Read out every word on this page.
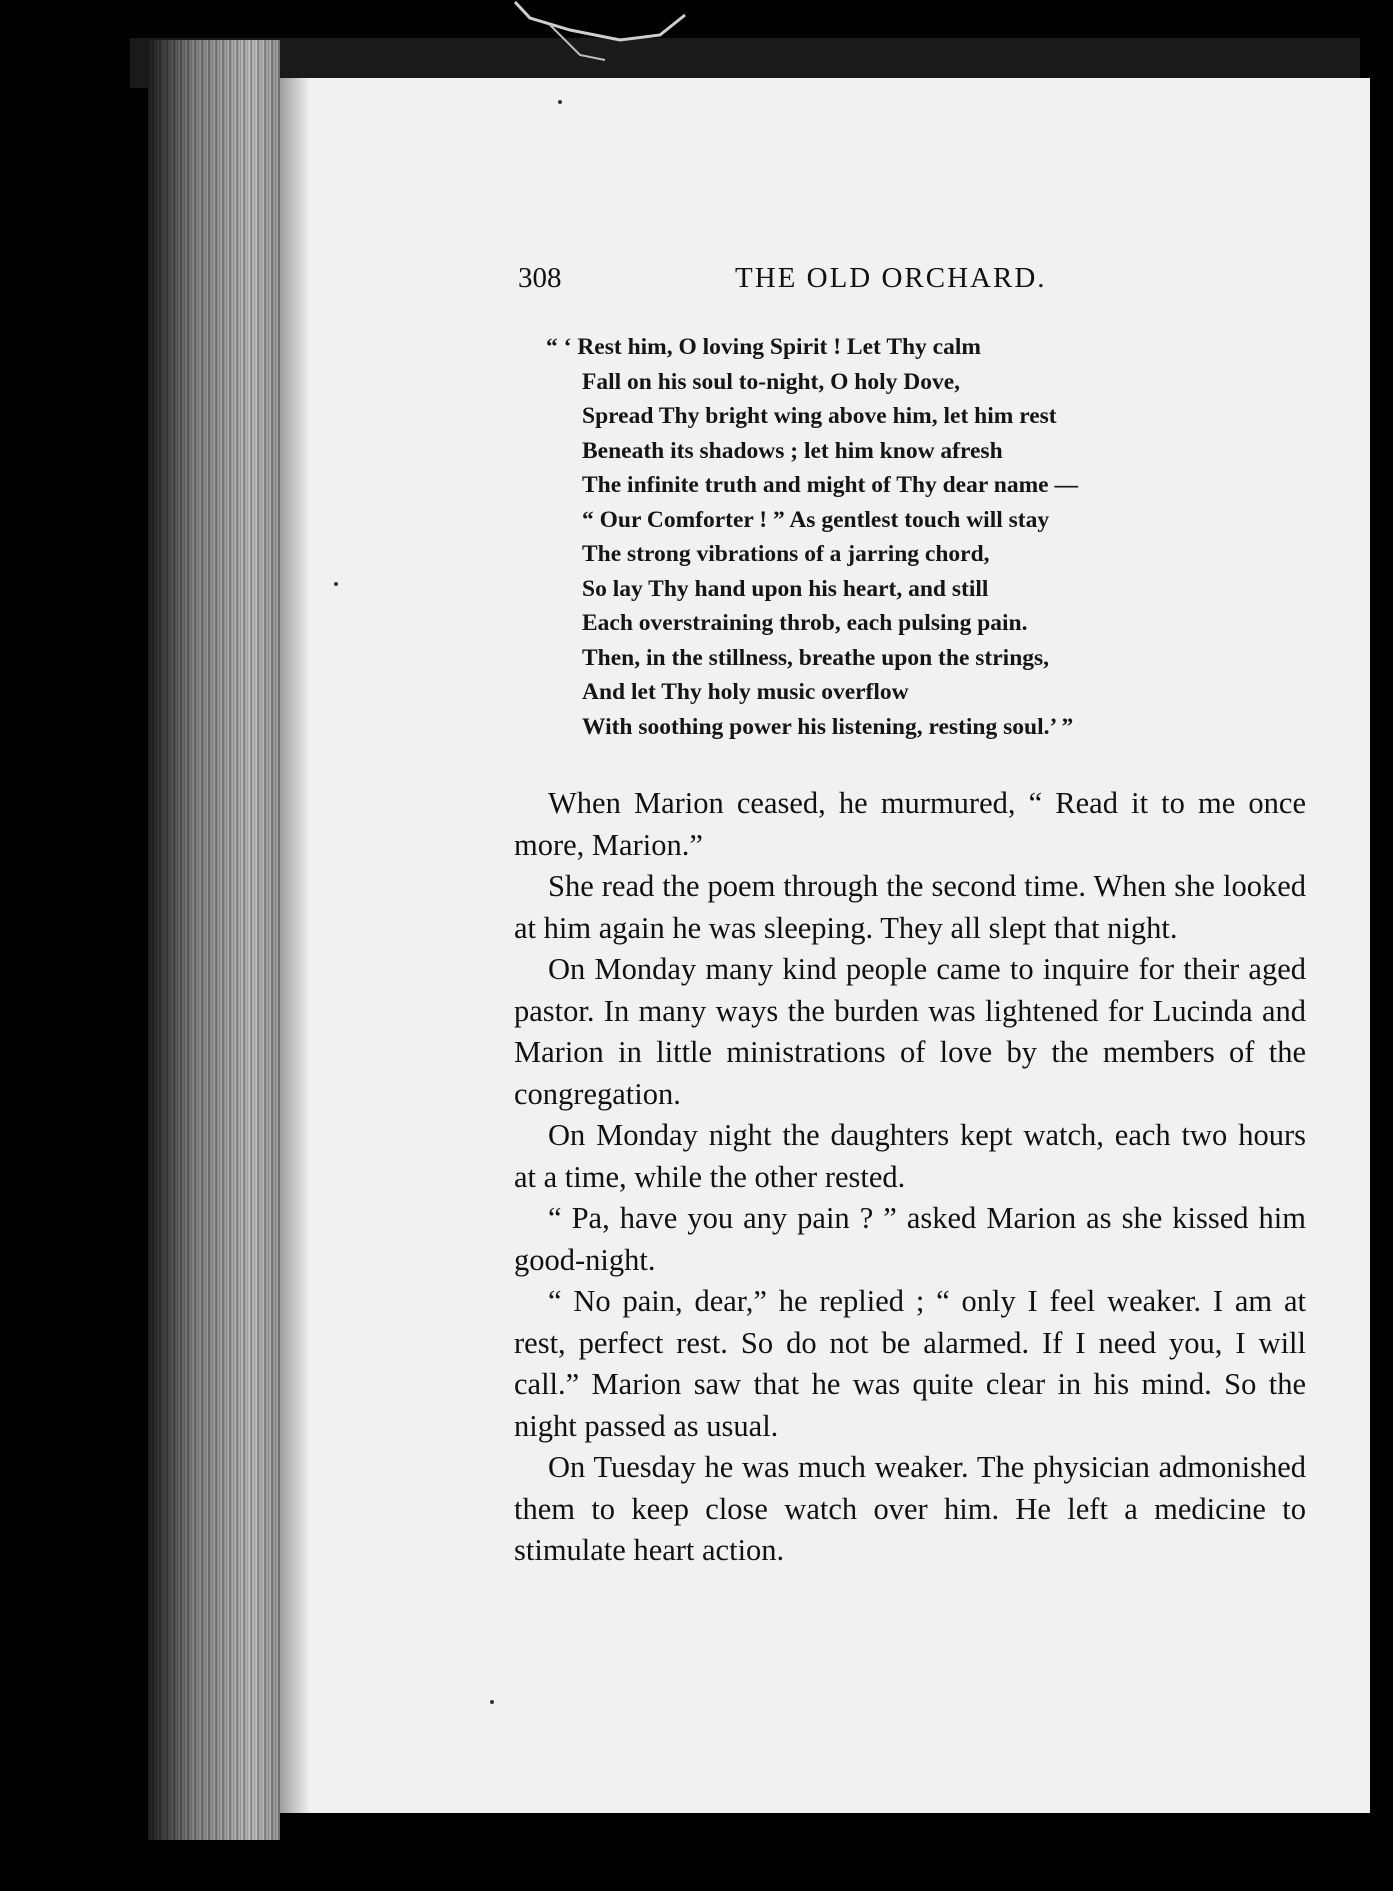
308	THE OLD ORCHARD.
“ ‘ Rest him, O loving Spirit ! Let Thy calm
Fall on his soul to-night, O holy Dove,
Spread Thy bright wing above him, let him rest
Beneath its shadows ; let him know afresh
The infinite truth and might of Thy dear name —
“ Our Comforter ! ” As gentlest touch will stay
The strong vibrations of a jarring chord,
So lay Thy hand upon his heart, and still
Each overstraining throb, each pulsing pain.
Then, in the stillness, breathe upon the strings,
And let Thy holy music overflow
With soothing power his listening, resting soul.’ ”

When Marion ceased, he murmured, “ Read it to me once more, Marion.”

She read the poem through the second time. When she looked at him again he was sleeping. They all slept that night.

On Monday many kind people came to inquire for their aged pastor. In many ways the burden was lightened for Lucinda and Marion in little ministrations of love by the members of the congregation.

On Monday night the daughters kept watch, each two hours at a time, while the other rested.

“ Pa, have you any pain ? ” asked Marion as she kissed him good-night.

“ No pain, dear,” he replied ; “ only I feel weaker. I am at rest, perfect rest. So do not be alarmed. If I need you, I will call.” Marion saw that he was quite clear in his mind. So the night passed as usual.

On Tuesday he was much weaker. The physician admonished them to keep close watch over him. He left a medicine to stimulate heart action.
